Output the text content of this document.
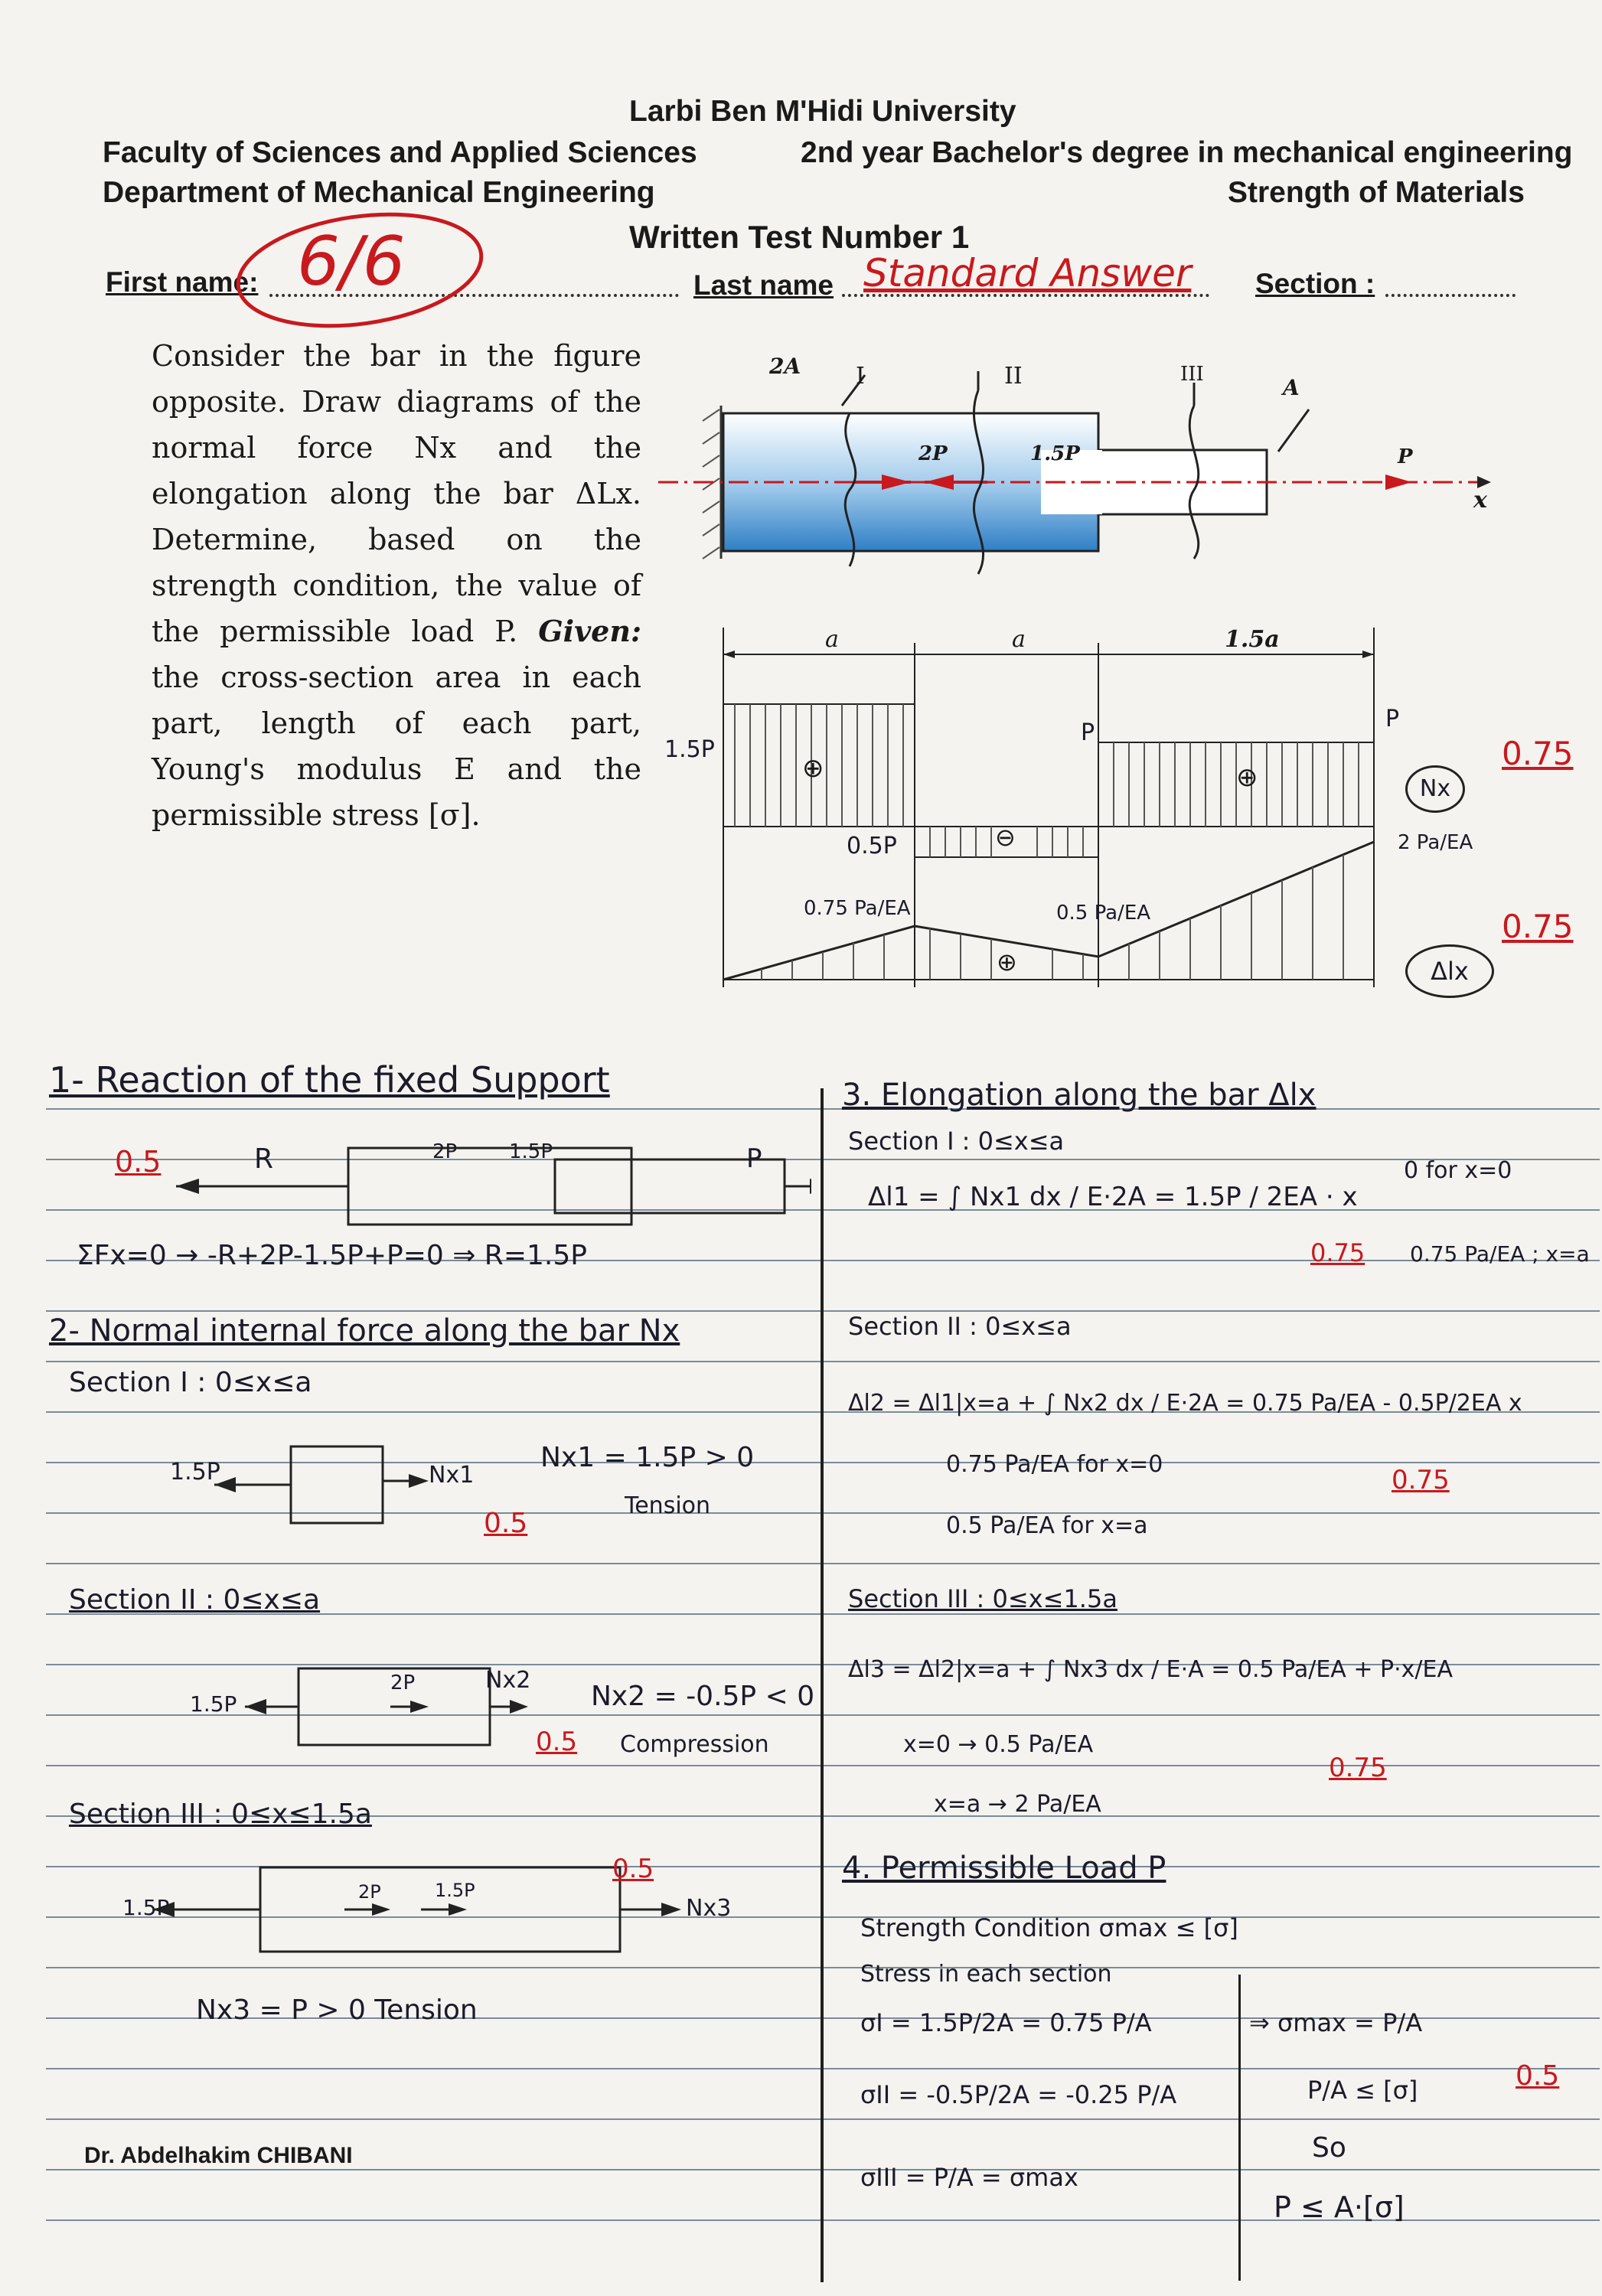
Larbi Ben M'Hidi University
Faculty of Sciences and Applied Sciences	2nd year Bachelor's degree in mechanical engineering
Department of Mechanical Engineering	Strength of Materials
Written Test Number 1
First name:	Last name Standard Answer Section :
6/6
Consider the bar in the figure opposite. Draw diagrams of the normal force Nx and the elongation along the bar ΔLx. Determine, based on the strength condition, the value of the permissible load P. Given: the cross-section area in each part, length of each part, Young's modulus E and the permissible stress [σ].
2A I	II	III
A
2P	1.5P	P
x
a	a	1.5a
⊕
⊖
⊕
⊕
1.5P
0.5P
P
P
0.75 Pa/EA	0.5 Pa/EA
2 Pa/EA
Nx
0.75
Δlx
0.75
1- Reaction of the fixed Support
0.5	R	2P	1.5P	P
ΣFx=0 → -R+2P-1.5P+P=0 ⇒ R=1.5P
2- Normal internal force along the bar Nx
Section I : 0≤x≤a
1.5P	Nx1
Nx1 = 1.5P > 0
Tension
0.5
Section II : 0≤x≤a
1.5P
2P	Nx2
Nx2 = -0.5P < 0
Compression
0.5
Section III : 0≤x≤1.5a
1.5P
2P	1.5P
Nx3
0.5
Nx3 = P > 0 Tension
3. Elongation along the bar Δlx
Section I : 0≤x≤a
Δl1 = ∫ Nx1 dx / E·2A = 1.5P / 2EA · x
0 for x=0
0.75 Pa/EA ; x=a
0.75
Section II : 0≤x≤a
Δl2 = Δl1|x=a + ∫ Nx2 dx / E·2A = 0.75 Pa/EA - 0.5P/2EA x
0.75 Pa/EA for x=0
0.5 Pa/EA for x=a
0.75
Section III : 0≤x≤1.5a
Δl3 = Δl2|x=a + ∫ Nx3 dx / E·A = 0.5 Pa/EA + P·x/EA
x=0 → 0.5 Pa/EA
x=a → 2 Pa/EA
0.75
4. Permissible Load P
Strength Condition σmax ≤ [σ]
Stress in each section
σI = 1.5P/2A = 0.75 P/A
σII = -0.5P/2A = -0.25 P/A
σIII = P/A = σmax
⇒ σmax = P/A
P/A ≤ [σ]	0.5
So
P ≤ A·[σ]
Dr. Abdelhakim CHIBANI
